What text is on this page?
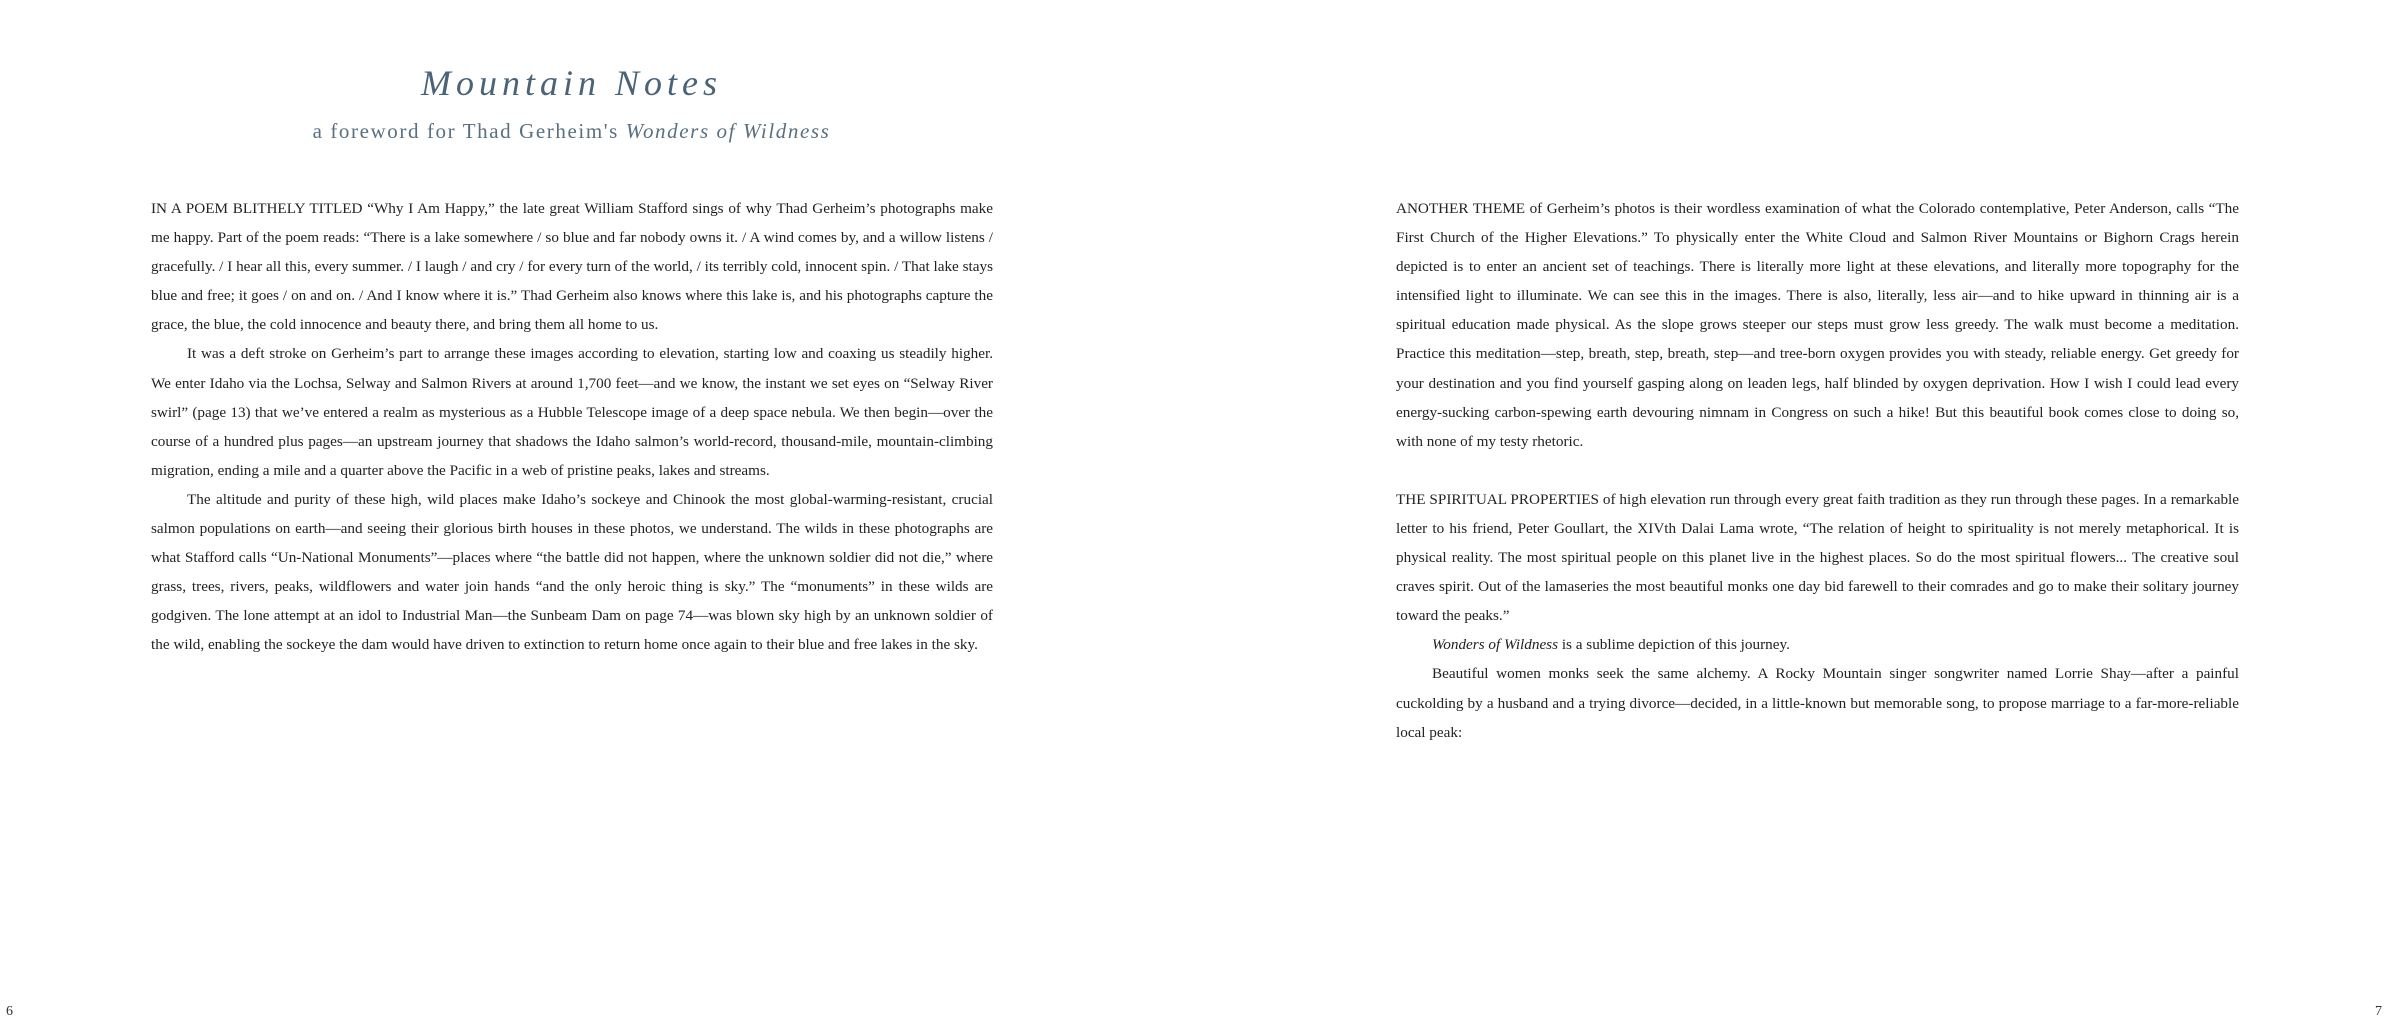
Mountain Notes

a foreword for Thad Gerheim's Wonders of Wildness

IN A POEM BLITHELY TITLED “Why I Am Happy,” the late great William Stafford sings of why Thad Gerheim’s photographs make me happy. Part of the poem reads: “There is a lake somewhere / so blue and far nobody owns it. / A wind comes by, and a willow listens / gracefully. / I hear all this, every summer. / I laugh / and cry / for every turn of the world, / its terribly cold, innocent spin. / That lake stays blue and free; it goes / on and on. / And I know where it is.” Thad Gerheim also knows where this lake is, and his photographs capture the grace, the blue, the cold innocence and beauty there, and bring them all home to us.

It was a deft stroke on Gerheim’s part to arrange these images according to elevation, starting low and coaxing us steadily higher. We enter Idaho via the Lochsa, Selway and Salmon Rivers at around 1,700 feet—and we know, the instant we set eyes on “Selway River swirl” (page 13) that we’ve entered a realm as mysterious as a Hubble Telescope image of a deep space nebula. We then begin—over the course of a hundred plus pages—an upstream journey that shadows the Idaho salmon’s world-record, thousand-mile, mountain-climbing migration, ending a mile and a quarter above the Pacific in a web of pristine peaks, lakes and streams.

The altitude and purity of these high, wild places make Idaho’s sockeye and Chinook the most global-warming-resistant, crucial salmon populations on earth—and seeing their glorious birth houses in these photos, we understand. The wilds in these photographs are what Stafford calls “Un-National Monuments”—places where “the battle did not happen, where the unknown soldier did not die,” where grass, trees, rivers, peaks, wildflowers and water join hands “and the only heroic thing is sky.” The “monuments” in these wilds are godgiven. The lone attempt at an idol to Industrial Man—the Sunbeam Dam on page 74—was blown sky high by an unknown soldier of the wild, enabling the sockeye the dam would have driven to extinction to return home once again to their blue and free lakes in the sky.

ANOTHER THEME of Gerheim’s photos is their wordless examination of what the Colorado contemplative, Peter Anderson, calls “The First Church of the Higher Elevations.” To physically enter the White Cloud and Salmon River Mountains or Bighorn Crags herein depicted is to enter an ancient set of teachings. There is literally more light at these elevations, and literally more topography for the intensified light to illuminate. We can see this in the images. There is also, literally, less air—and to hike upward in thinning air is a spiritual education made physical. As the slope grows steeper our steps must grow less greedy. The walk must become a meditation. Practice this meditation—step, breath, step, breath, step—and tree-born oxygen provides you with steady, reliable energy. Get greedy for your destination and you find yourself gasping along on leaden legs, half blinded by oxygen deprivation. How I wish I could lead every energy-sucking carbon-spewing earth devouring nimnam in Congress on such a hike! But this beautiful book comes close to doing so, with none of my testy rhetoric.

THE SPIRITUAL PROPERTIES of high elevation run through every great faith tradition as they run through these pages. In a remarkable letter to his friend, Peter Goullart, the XIVth Dalai Lama wrote, “The relation of height to spirituality is not merely metaphorical. It is physical reality. The most spiritual people on this planet live in the highest places. So do the most spiritual flowers... The creative soul craves spirit. Out of the lamaseries the most beautiful monks one day bid farewell to their comrades and go to make their solitary journey toward the peaks.”

Wonders of Wildness is a sublime depiction of this journey.

Beautiful women monks seek the same alchemy. A Rocky Mountain singer songwriter named Lorrie Shay—after a painful cuckolding by a husband and a trying divorce—decided, in a little-known but memorable song, to propose marriage to a far-more-reliable local peak:

6	7
